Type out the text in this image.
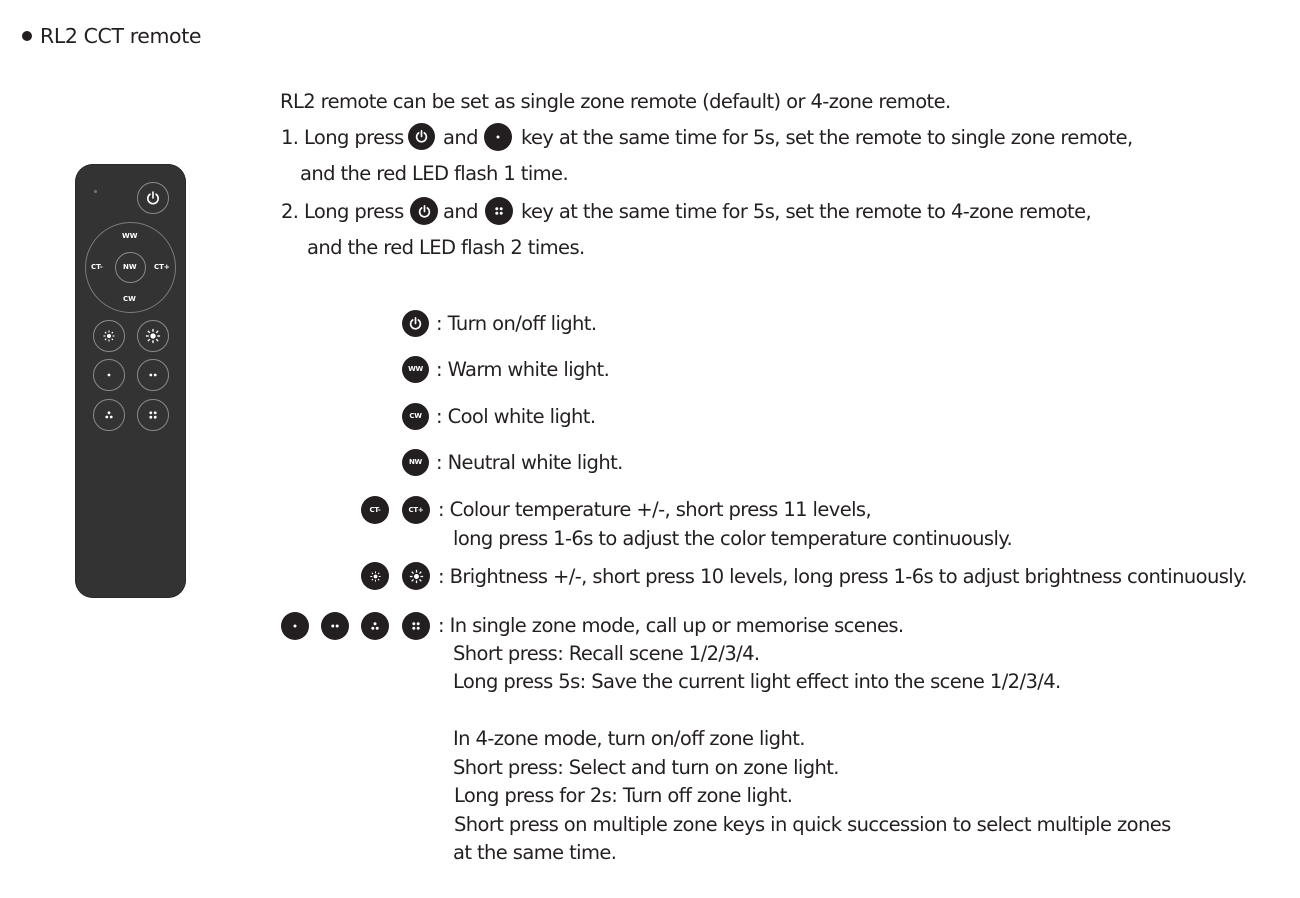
RL2 CCT remote
WW
NW
CW
CT-	CT+
RL2 remote can be set as single zone remote (default) or 4-zone remote.
1. Long press and key at the same time for 5s, set the remote to single zone remote,
and the red LED flash 1 time.
2. Long press and key at the same time for 5s, set the remote to 4-zone remote,
and the red LED flash 2 times.
: Turn on/off light.
WW : Warm white light.
CW : Cool white light.
NW : Neutral white light.
CT-	CT+ : Colour temperature +/-, short press 11 levels,
long press 1-6s to adjust the color temperature continuously.
: Brightness +/-, short press 10 levels, long press 1-6s to adjust brightness continuously.
: In single zone mode, call up or memorise scenes.
Short press: Recall scene 1/2/3/4.
Long press 5s: Save the current light effect into the scene 1/2/3/4.
In 4-zone mode, turn on/off zone light.
Short press: Select and turn on zone light.
Long press for 2s: Turn off zone light.
Short press on multiple zone keys in quick succession to select multiple zones
at the same time.
